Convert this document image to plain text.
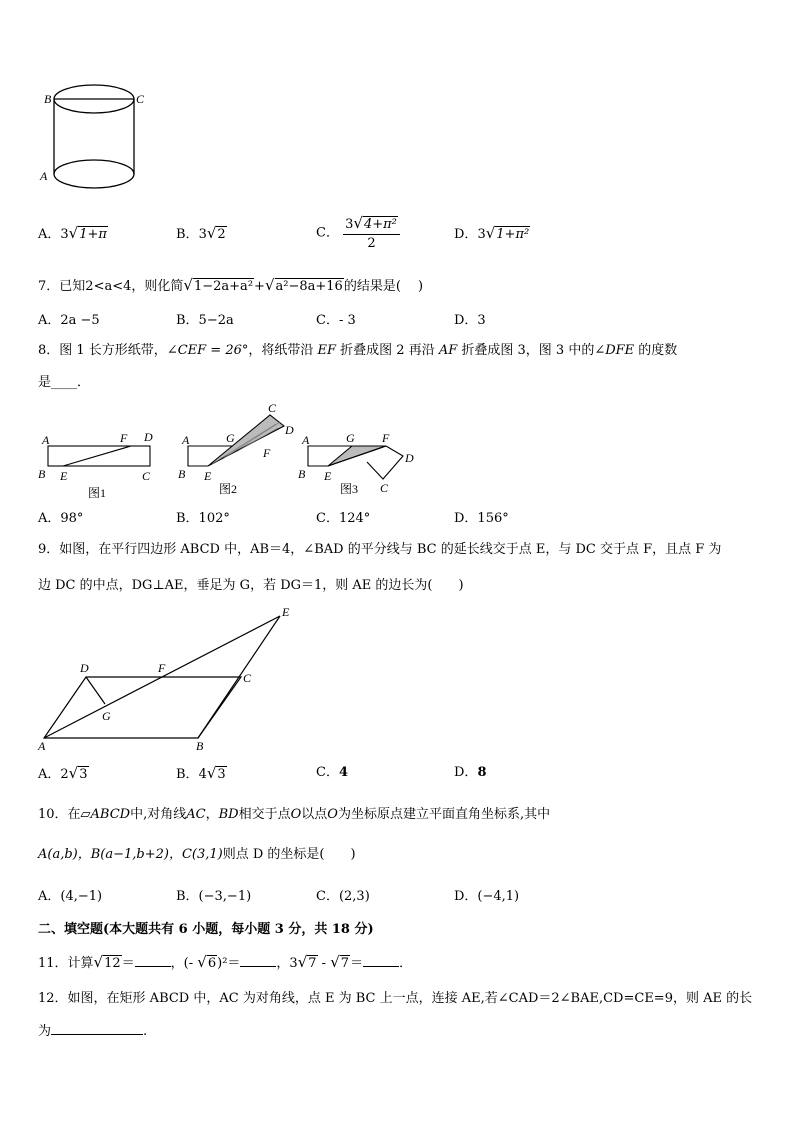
B	C
A
A．3√1+π	B．3√2	C． $\frac{\text{3√4+π²}}{2}$	D．3√1+π²
7．已知2<a<4，则化简√1−2a+a²+√a²−8a+16的结果是(　 )
A．2a −5	B．5−2a	C．- 3	D．3
8．图 1 长方形纸带，∠CEF = 26°，将纸带沿 EF 折叠成图 2 再沿 AF 折叠成图 3，图 3 中的∠DFE 的度数
是____．
A	F D
B E	C
图1
A	G
C
D
F
B E
图2
A	G F
D
B E
C
图3
A．98°	B．102°	C．124°	D．156°
9．如图，在平行四边形 ABCD 中，AB＝4，∠BAD 的平分线与 BC 的延长线交于点 E，与 DC 交于点 F，且点 F 为
边 DC 的中点，DG⊥AE，垂足为 G，若 DG＝1，则 AE 的边长为(　　)
E
D	F
C
G
A	B
A．2√3	B．4√3	C．4	D．8
10．在▱ABCD中,对角线AC，BD相交于点O以点O为坐标原点建立平面直角坐标系,其中
A(a,b)，B(a−1,b+2)，C(3,1)则点 D 的坐标是(　　)
A．(4,−1)	B．(−3,−1)	C．(2,3)	D．(−4,1)
二、填空题(本大题共有 6 小题，每小题 3 分，共 18 分)
11．计算√12＝	，(- √6)²＝	，3√7 - √7＝	．
12．如图，在矩形 ABCD 中，AC 为对角线，点 E 为 BC 上一点，连接 AE,若∠CAD＝2∠BAE,CD=CE=9，则 AE 的长
为	.
